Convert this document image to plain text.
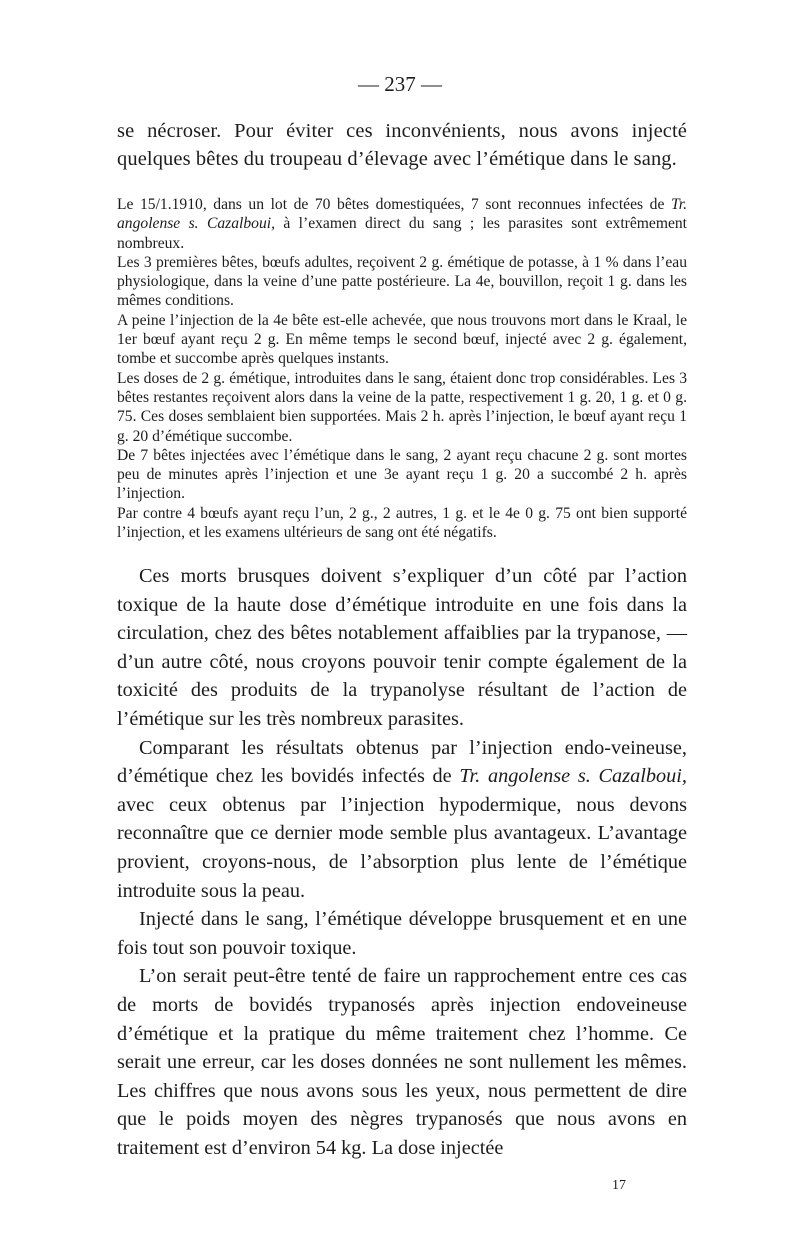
— 237 —
se nécroser. Pour éviter ces inconvénients, nous avons injecté quelques bêtes du troupeau d’élevage avec l’émétique dans le sang.

Le 15/1.1910, dans un lot de 70 bêtes domestiquées, 7 sont reconnues infectées de Tr. angolense s. Cazalboui, à l’examen direct du sang ; les parasites sont extrêmement nombreux.

Les 3 premières bêtes, bœufs adultes, reçoivent 2 g. émétique de potasse, à 1 % dans l’eau physiologique, dans la veine d’une patte postérieure. La 4e, bouvillon, reçoit 1 g. dans les mêmes conditions.

A peine l’injection de la 4e bête est-elle achevée, que nous trouvons mort dans le Kraal, le 1er bœuf ayant reçu 2 g. En même temps le second bœuf, injecté avec 2 g. également, tombe et succombe après quelques instants.

Les doses de 2 g. émétique, introduites dans le sang, étaient donc trop considérables. Les 3 bêtes restantes reçoivent alors dans la veine de la patte, respectivement 1 g. 20, 1 g. et 0 g. 75. Ces doses semblaient bien supportées. Mais 2 h. après l’injection, le bœuf ayant reçu 1 g. 20 d’émétique succombe.

De 7 bêtes injectées avec l’émétique dans le sang, 2 ayant reçu chacune 2 g. sont mortes peu de minutes après l’injection et une 3e ayant reçu 1 g. 20 a succombé 2 h. après l’injection.

Par contre 4 bœufs ayant reçu l’un, 2 g., 2 autres, 1 g. et le 4e 0 g. 75 ont bien supporté l’injection, et les examens ultérieurs de sang ont été négatifs.

Ces morts brusques doivent s’expliquer d’un côté par l’action toxique de la haute dose d’émétique introduite en une fois dans la circulation, chez des bêtes notablement affaiblies par la trypanose, — d’un autre côté, nous croyons pouvoir tenir compte également de la toxicité des produits de la trypanolyse résultant de l’action de l’émétique sur les très nombreux parasites.

Comparant les résultats obtenus par l’injection endo-veineuse, d’émétique chez les bovidés infectés de Tr. angolense s. Cazalboui, avec ceux obtenus par l’injection hypodermique, nous devons reconnaître que ce dernier mode semble plus avantageux. L’avantage provient, croyons-nous, de l’absorption plus lente de l’émétique introduite sous la peau.

Injecté dans le sang, l’émétique développe brusquement et en une fois tout son pouvoir toxique.

L’on serait peut-être tenté de faire un rapprochement entre ces cas de morts de bovidés trypanosés après injection endoveineuse d’émétique et la pratique du même traitement chez l’homme. Ce serait une erreur, car les doses données ne sont nullement les mêmes. Les chiffres que nous avons sous les yeux, nous permettent de dire que le poids moyen des nègres trypanosés que nous avons en traitement est d’environ 54 kg. La dose injectée

17
